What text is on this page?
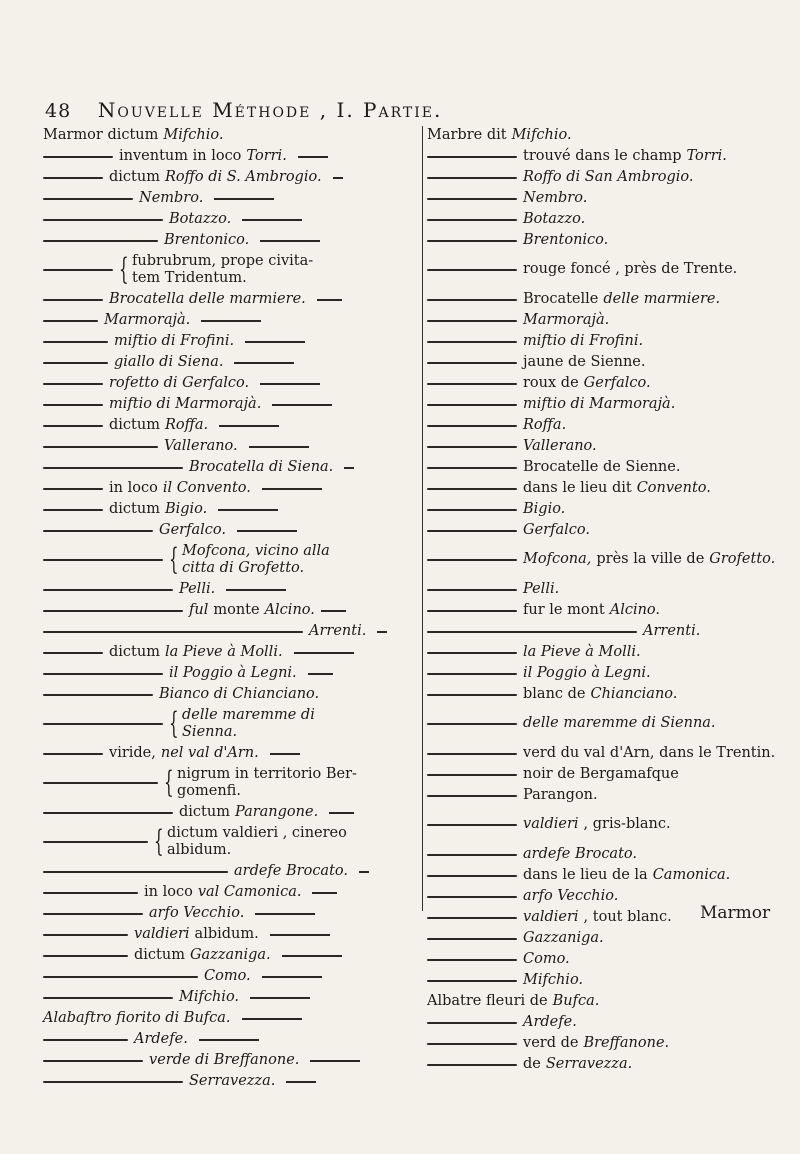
48 Nouvelle Méthode , I. Partie.
Marmor dictum Mifchio.
inventum in loco Torri.
dictum Roffo di S. Ambrogio.
Nembro.
Botazzo.
Brentonico.
{ fubrubrum, prope civita-
tem Tridentum.
Brocatella delle marmiere.
Marmorajà.
miftio di Frofini.
giallo di Siena.
rofetto di Gerfalco.
miftio di Marmorajà.
dictum Roffa.
Vallerano.
Brocatella di Siena.
in loco il Convento.
dictum Bigio.
Gerfalco.
{ Mofcona, vicino alla
citta di Grofetto.
Pelli.
ful monte Alcino.
Arrenti.
dictum la Pieve à Molli.
il Poggio à Legni.
Bianco di Chianciano.
{ delle maremme di
Sienna.
viride, nel val d'Arn.
{ nigrum in territorio Ber-
gomenfi.
dictum Parangone.
{ dictum valdieri , cinereo
albidum.
ardefe Brocato.
in loco val Camonica.
arfo Vecchio.
valdieri albidum.
dictum Gazzaniga.
Como.
Mifchio.
Alabaftro fiorito di Bufca.
Ardefe.
verde di Breffanone.
Serravezza.
Marbre dit Mifchio.
trouvé dans le champ Torri.
Roffo di San Ambrogio.
Nembro.
Botazzo.
Brentonico.
rouge foncé , près de Trente.
Brocatelle delle marmiere.
Marmorajà.
miftio di Frofini.
jaune de Sienne.
roux de Gerfalco.
miftio di Marmorajà.
Roffa.
Vallerano.
Brocatelle de Sienne.
dans le lieu dit Convento.
Bigio.
Gerfalco.
Mofcona, près la ville de Grofetto.
Pelli.
fur le mont Alcino.
Arrenti.
la Pieve à Molli.
il Poggio à Legni.
blanc de Chianciano.
delle maremme di Sienna.
verd du val d'Arn, dans le Trentin.
noir de Bergamafque
Parangon.
valdieri , gris-blanc.
ardefe Brocato.
dans le lieu de la Camonica.
arfo Vecchio.
valdieri , tout blanc.
Gazzaniga.
Como.
Mifchio.
Albatre fleuri de Bufca.
Ardefe.
verd de Breffanone.
de Serravezza.
Marmor
